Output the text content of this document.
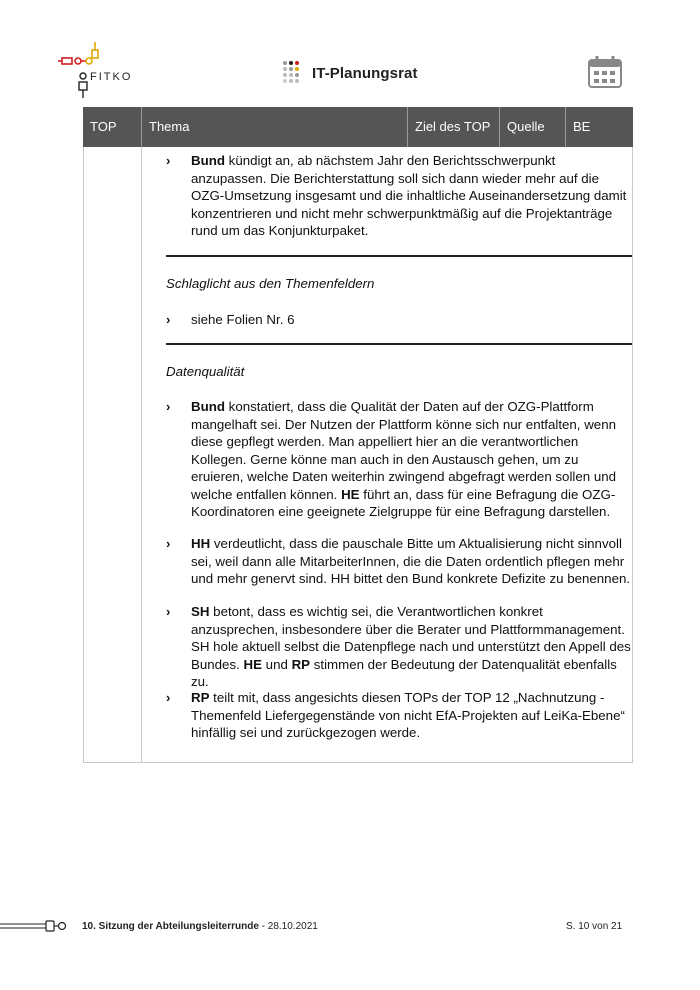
FITKO	IT-Planungsrat
TOP	Thema	Ziel des TOP	Quelle	BE
›	Bund kündigt an, ab nächstem Jahr den Berichtsschwerpunkt anzupassen. Die Berichterstattung soll sich dann wieder mehr auf die OZG-Umsetzung insgesamt und die inhaltliche Auseinandersetzung damit konzentrieren und nicht mehr schwerpunktmäßig auf die Projektanträge rund um das Konjunkturpaket.
Schlaglicht aus den Themenfeldern
›	siehe Folien Nr. 6
Datenqualität
›	Bund konstatiert, dass die Qualität der Daten auf der OZG-Plattform mangelhaft sei. Der Nutzen der Plattform könne sich nur entfalten, wenn diese gepflegt werden. Man appelliert hier an die verantwortlichen Kollegen. Gerne könne man auch in den Austausch gehen, um zu eruieren, welche Daten weiterhin zwingend abgefragt werden sollen und welche entfallen können. HE führt an, dass für eine Befragung die OZG-Koordinatoren eine geeignete Zielgruppe für eine Befragung darstellen.
›	HH verdeutlicht, dass die pauschale Bitte um Aktualisierung nicht sinnvoll sei, weil dann alle MitarbeiterInnen, die die Daten ordentlich pflegen mehr und mehr genervt sind. HH bittet den Bund konkrete Defizite zu benennen.
›	SH betont, dass es wichtig sei, die Verantwortlichen konkret anzusprechen, insbesondere über die Berater und Plattformmanagement. SH hole aktuell selbst die Datenpflege nach und unterstützt den Appell des Bundes. HE und RP stimmen der Bedeutung der Datenqualität ebenfalls zu.
›	RP teilt mit, dass angesichts diesen TOPs der TOP 12 „Nachnutzung - Themenfeld Liefergegenstände von nicht EfA-Projekten auf LeiKa-Ebene“ hinfällig sei und zurückgezogen werde.
10. Sitzung der Abteilungsleiterrunde - 28.10.2021	S. 10 von 21
